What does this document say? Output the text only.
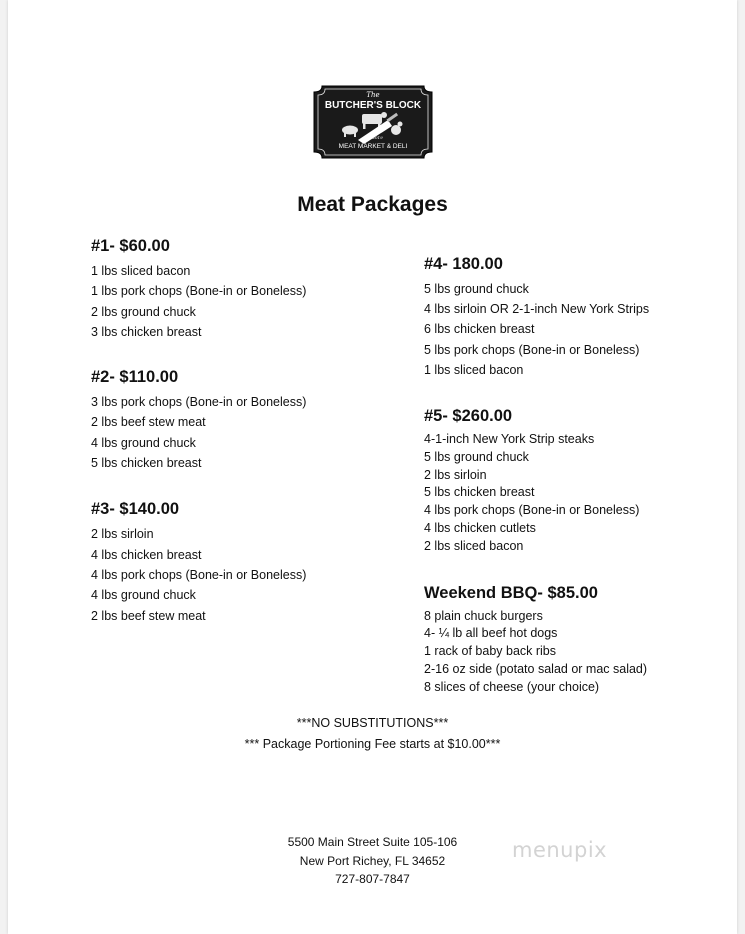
The
BUTCHER'S BLOCK
Est. 2019
MEAT MARKET & DELI
Meat Packages
#1- $60.00
1 lbs sliced bacon
1 lbs pork chops (Bone-in or Boneless)
2 lbs ground chuck
3 lbs chicken breast
#2- $110.00
3 lbs pork chops (Bone-in or Boneless)
2 lbs beef stew meat
4 lbs ground chuck
5 lbs chicken breast
#3- $140.00
2 lbs sirloin
4 lbs chicken breast
4 lbs pork chops (Bone-in or Boneless)
4 lbs ground chuck
2 lbs beef stew meat
#4- 180.00
5 lbs ground chuck
4 lbs sirloin OR 2-1-inch New York Strips
6 lbs chicken breast
5 lbs pork chops (Bone-in or Boneless)
1 lbs sliced bacon
#5- $260.00
4-1-inch New York Strip steaks
5 lbs ground chuck
2 lbs sirloin
5 lbs chicken breast
4 lbs pork chops (Bone-in or Boneless)
4 lbs chicken cutlets
2 lbs sliced bacon
Weekend BBQ- $85.00
8 plain chuck burgers
4- ¼ lb all beef hot dogs
1 rack of baby back ribs
2-16 oz side (potato salad or mac salad)
8 slices of cheese (your choice)
***NO SUBSTITUTIONS***
*** Package Portioning Fee starts at $10.00***
5500 Main Street Suite 105-106
New Port Richey, FL 34652
727-807-7847
menupix
